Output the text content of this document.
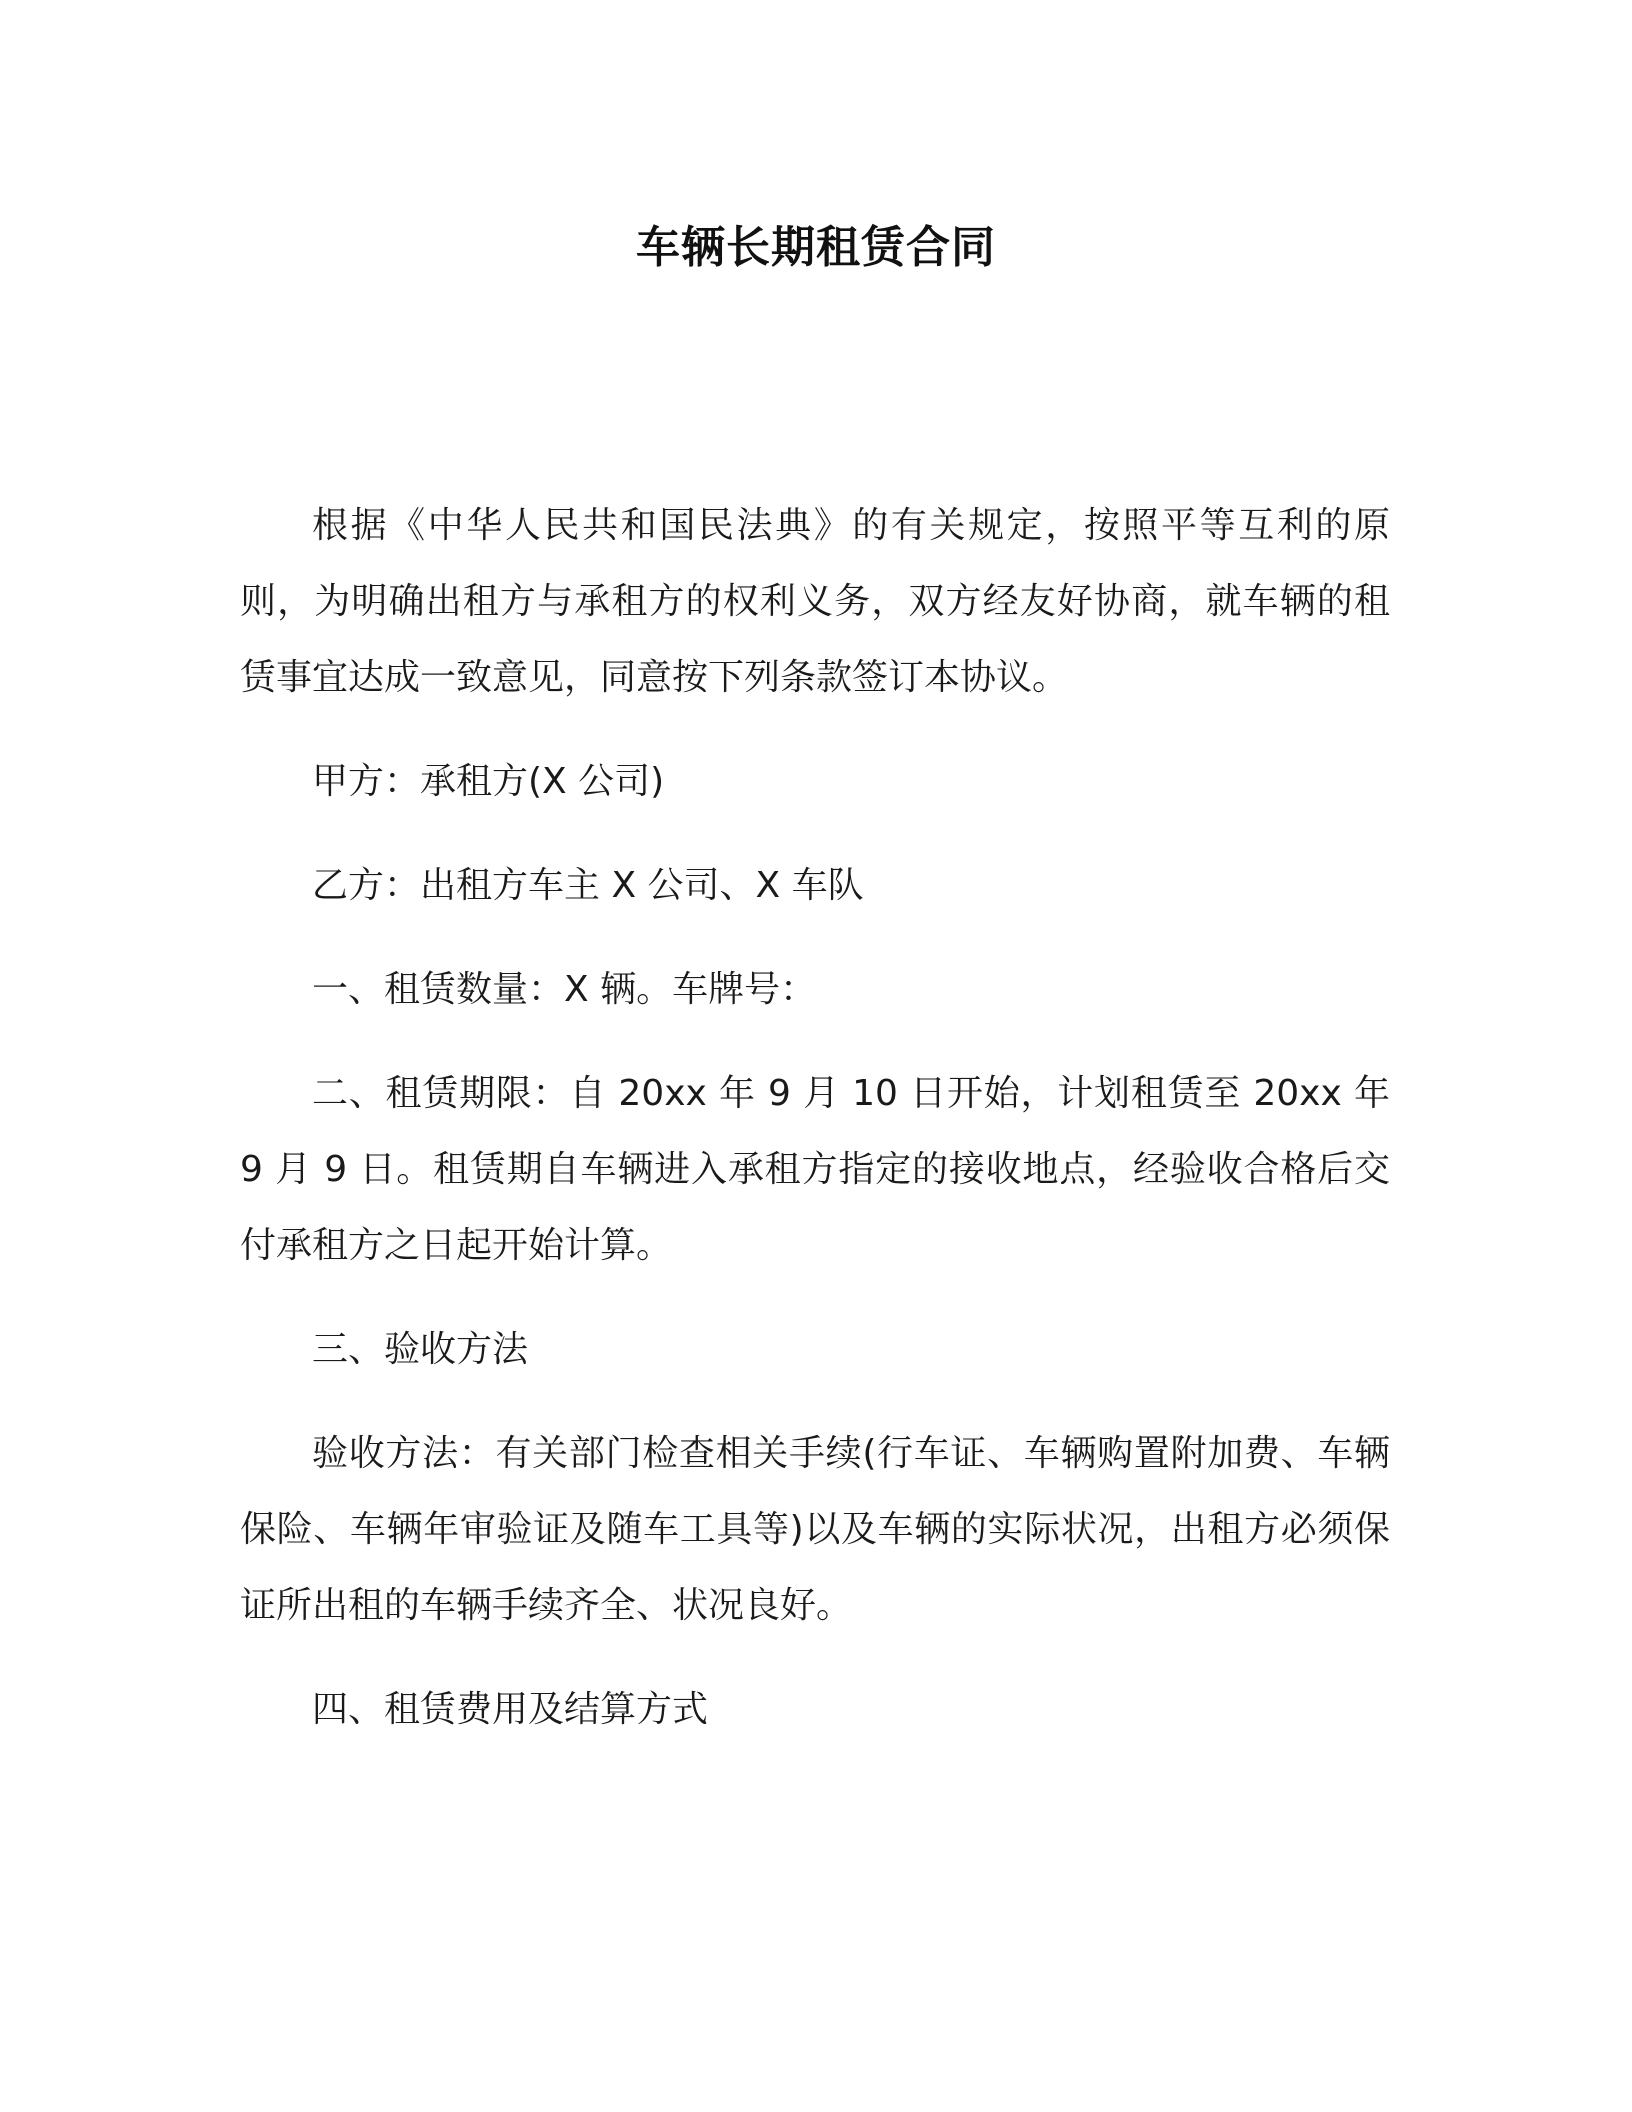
车辆长期租赁合同

根据《中华人民共和国民法典》的有关规定，按照平等互利的原则，为明确出租方与承租方的权利义务，双方经友好协商，就车辆的租赁事宜达成一致意见，同意按下列条款签订本协议。

甲方：承租方(X 公司)

乙方：出租方车主 X 公司、X 车队

一、租赁数量：X 辆。车牌号：

二、租赁期限：自 20xx 年 9 月 10 日开始，计划租赁至 20xx 年 9 月 9 日。租赁期自车辆进入承租方指定的接收地点，经验收合格后交付承租方之日起开始计算。

三、验收方法

验收方法：有关部门检查相关手续(行车证、车辆购置附加费、车辆保险、车辆年审验证及随车工具等)以及车辆的实际状况，出租方必须保证所出租的车辆手续齐全、状况良好。

四、租赁费用及结算方式
